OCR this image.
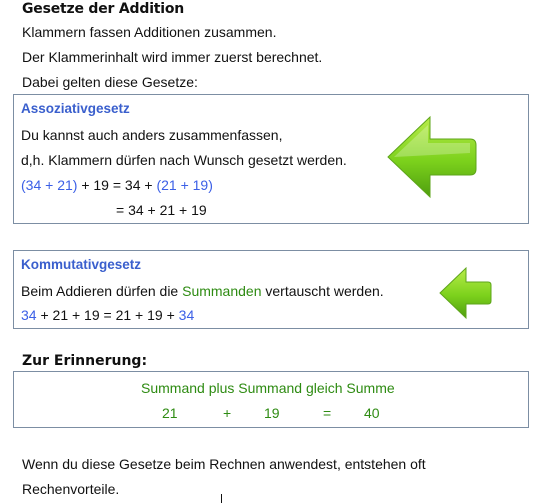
Gesetze der Addition
Klammern fassen Additionen zusammen.
Der Klammerinhalt wird immer zuerst berechnet.
Dabei gelten diese Gesetze:
Assoziativgesetz
Du kannst auch anders zusammenfassen,
d,h. Klammern dürfen nach Wunsch gesetzt werden.
(34 + 21) + 19 = 34 + (21 + 19)
= 34 + 21 + 19
Kommutativgesetz
Beim Addieren dürfen die Summanden vertauscht werden.
34 + 21 + 19 = 21 + 19 + 34
Zur Erinnerung:
Summand plus Summand gleich Summe
21	+ 19	= 40
Wenn du diese Gesetze beim Rechnen anwendest, entstehen oft
Rechenvorteile.
